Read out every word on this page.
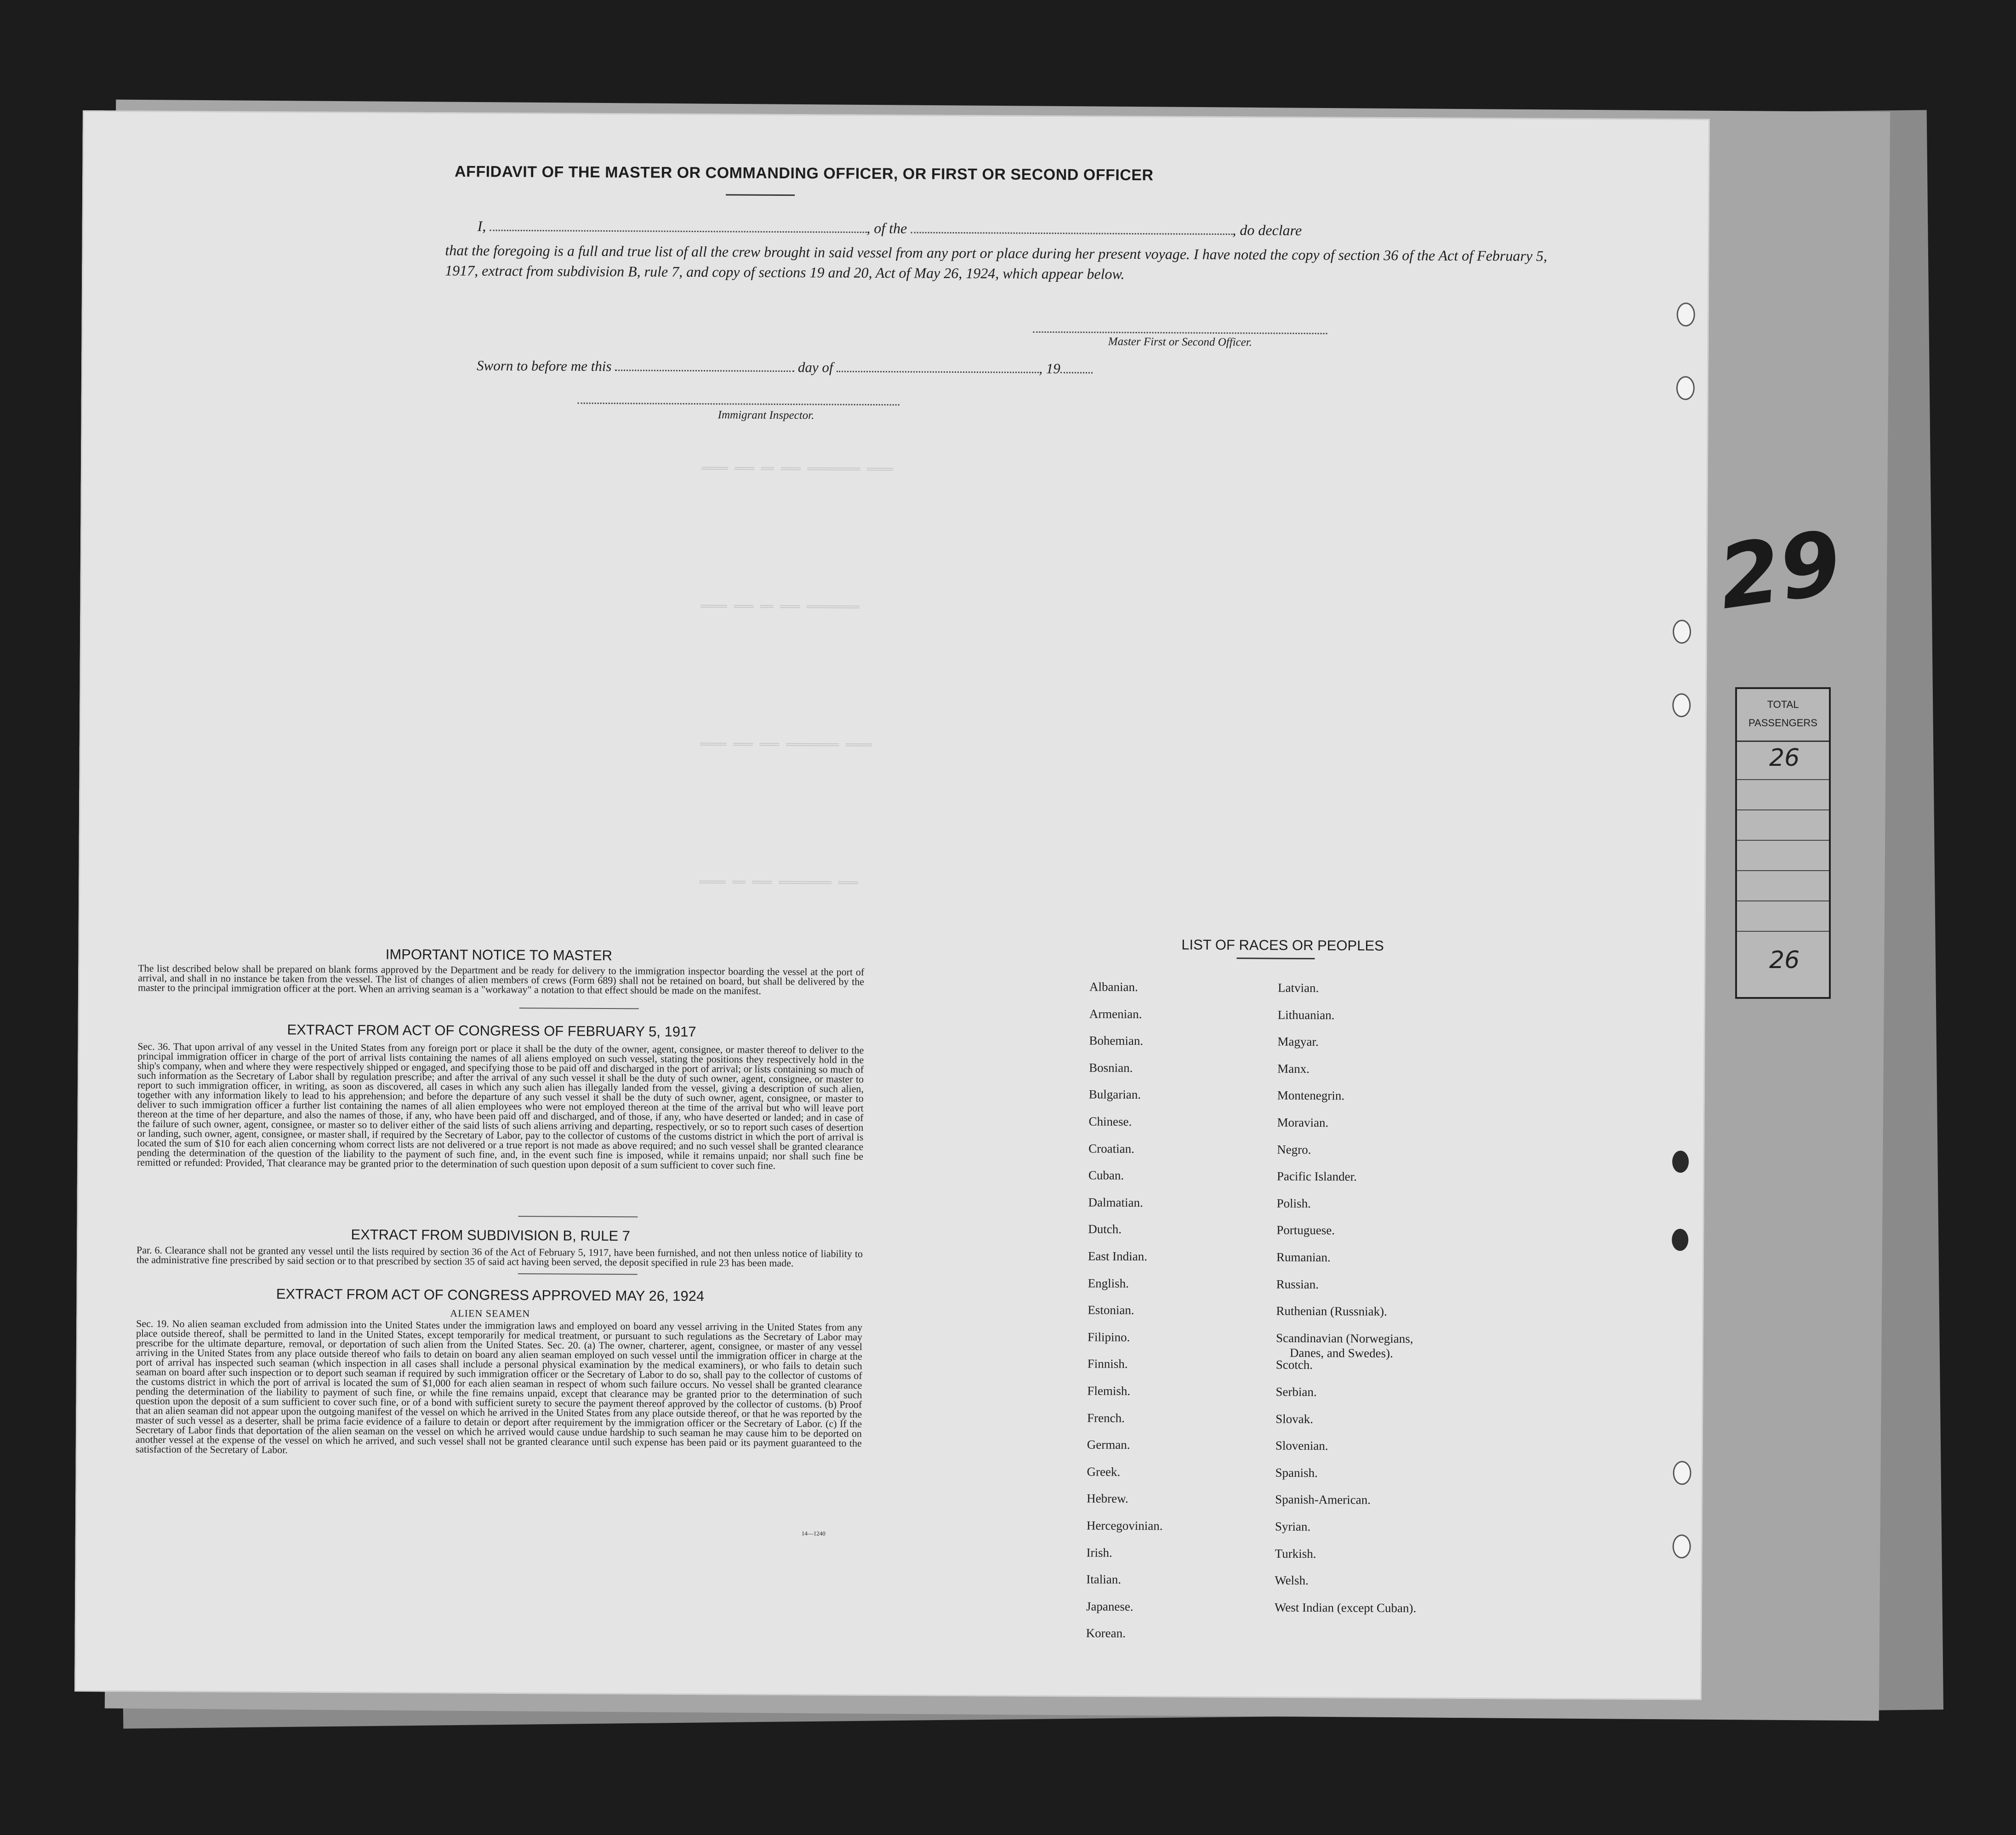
29
TOTAL
PASSENGERS
26
26
════ ═══ ══ ═══ ════════ ════
════ ═══ ══ ═══ ════════
════ ═══ ═══ ════════ ════
════ ══ ═══ ════════ ═══
AFFIDAVIT OF THE MASTER OR COMMANDING OFFICER, OR FIRST OR SECOND OFFICER
I,	, of the	, do declare
that the foregoing is a full and true list of all the crew brought in said vessel from any port or place during her present voyage. I have noted the copy of section 36 of the Act of February 5, 1917, extract from subdivision B, rule 7, and copy of sections 19 and 20, Act of May 26, 1924, which appear below.
Master First or Second Officer.
Sworn to before me this	day of	, 19
Immigrant Inspector.
IMPORTANT NOTICE TO MASTER
The list described below shall be prepared on blank forms approved by the Department and be ready for delivery to the immigration inspector boarding the vessel at the port of arrival, and shall in no instance be taken from the vessel. The list of changes of alien members of crews (Form 689) shall not be retained on board, but shall be delivered by the master to the principal immigration officer at the port. When an arriving seaman is a "workaway" a notation to that effect should be made on the manifest.
EXTRACT FROM ACT OF CONGRESS OF FEBRUARY 5, 1917
Sec. 36. That upon arrival of any vessel in the United States from any foreign port or place it shall be the duty of the owner, agent, consignee, or master thereof to deliver to the principal immigration officer in charge of the port of arrival lists containing the names of all aliens employed on such vessel, stating the positions they respectively hold in the ship's company, when and where they were respectively shipped or engaged, and specifying those to be paid off and discharged in the port of arrival; or lists containing so much of such information as the Secretary of Labor shall by regulation prescribe; and after the arrival of any such vessel it shall be the duty of such owner, agent, consignee, or master to report to such immigration officer, in writing, as soon as discovered, all cases in which any such alien has illegally landed from the vessel, giving a description of such alien, together with any information likely to lead to his apprehension; and before the departure of any such vessel it shall be the duty of such owner, agent, consignee, or master to deliver to such immigration officer a further list containing the names of all alien employees who were not employed thereon at the time of the arrival but who will leave port thereon at the time of her departure, and also the names of those, if any, who have been paid off and discharged, and of those, if any, who have deserted or landed; and in case of the failure of such owner, agent, consignee, or master so to deliver either of the said lists of such aliens arriving and departing, respectively, or so to report such cases of desertion or landing, such owner, agent, consignee, or master shall, if required by the Secretary of Labor, pay to the collector of customs of the customs district in which the port of arrival is located the sum of $10 for each alien concerning whom correct lists are not delivered or a true report is not made as above required; and no such vessel shall be granted clearance pending the determination of the question of the liability to the payment of such fine, and, in the event such fine is imposed, while it remains unpaid; nor shall such fine be remitted or refunded: Provided, That clearance may be granted prior to the determination of such question upon deposit of a sum sufficient to cover such fine.
EXTRACT FROM SUBDIVISION B, RULE 7
Par. 6. Clearance shall not be granted any vessel until the lists required by section 36 of the Act of February 5, 1917, have been furnished, and not then unless notice of liability to the administrative fine prescribed by said section or to that prescribed by section 35 of said act having been served, the deposit specified in rule 23 has been made.
EXTRACT FROM ACT OF CONGRESS APPROVED MAY 26, 1924
ALIEN SEAMEN
Sec. 19. No alien seaman excluded from admission into the United States under the immigration laws and employed on board any vessel arriving in the United States from any place outside thereof, shall be permitted to land in the United States, except temporarily for medical treatment, or pursuant to such regulations as the Secretary of Labor may prescribe for the ultimate departure, removal, or deportation of such alien from the United States. Sec. 20. (a) The owner, charterer, agent, consignee, or master of any vessel arriving in the United States from any place outside thereof who fails to detain on board any alien seaman employed on such vessel until the immigration officer in charge at the port of arrival has inspected such seaman (which inspection in all cases shall include a personal physical examination by the medical examiners), or who fails to detain such seaman on board after such inspection or to deport such seaman if required by such immigration officer or the Secretary of Labor to do so, shall pay to the collector of customs of the customs district in which the port of arrival is located the sum of $1,000 for each alien seaman in respect of whom such failure occurs. No vessel shall be granted clearance pending the determination of the liability to payment of such fine, or while the fine remains unpaid, except that clearance may be granted prior to the determination of such question upon the deposit of a sum sufficient to cover such fine, or of a bond with sufficient surety to secure the payment thereof approved by the collector of customs. (b) Proof that an alien seaman did not appear upon the outgoing manifest of the vessel on which he arrived in the United States from any place outside thereof, or that he was reported by the master of such vessel as a deserter, shall be prima facie evidence of a failure to detain or deport after requirement by the immigration officer or the Secretary of Labor. (c) If the Secretary of Labor finds that deportation of the alien seaman on the vessel on which he arrived would cause undue hardship to such seaman he may cause him to be deported on another vessel at the expense of the vessel on which he arrived, and such vessel shall not be granted clearance until such expense has been paid or its payment guaranteed to the satisfaction of the Secretary of Labor.
14—1240
LIST OF RACES OR PEOPLES
Albanian.
Armenian.
Bohemian.
Bosnian.
Bulgarian.
Chinese.
Croatian.
Cuban.
Dalmatian.
Dutch.
East Indian.
English.
Estonian.
Filipino.
Finnish.
Flemish.
French.
German.
Greek.
Hebrew.
Hercegovinian.
Irish.
Italian.
Japanese.
Korean.
Latvian.
Lithuanian.
Magyar.
Manx.
Montenegrin.
Moravian.
Negro.
Pacific Islander.
Polish.
Portuguese.
Rumanian.
Russian.
Ruthenian (Russniak).
Scandinavian (Norwegians,
Danes, and Swedes).
Scotch.
Serbian.
Slovak.
Slovenian.
Spanish.
Spanish-American.
Syrian.
Turkish.
Welsh.
West Indian (except Cuban).
